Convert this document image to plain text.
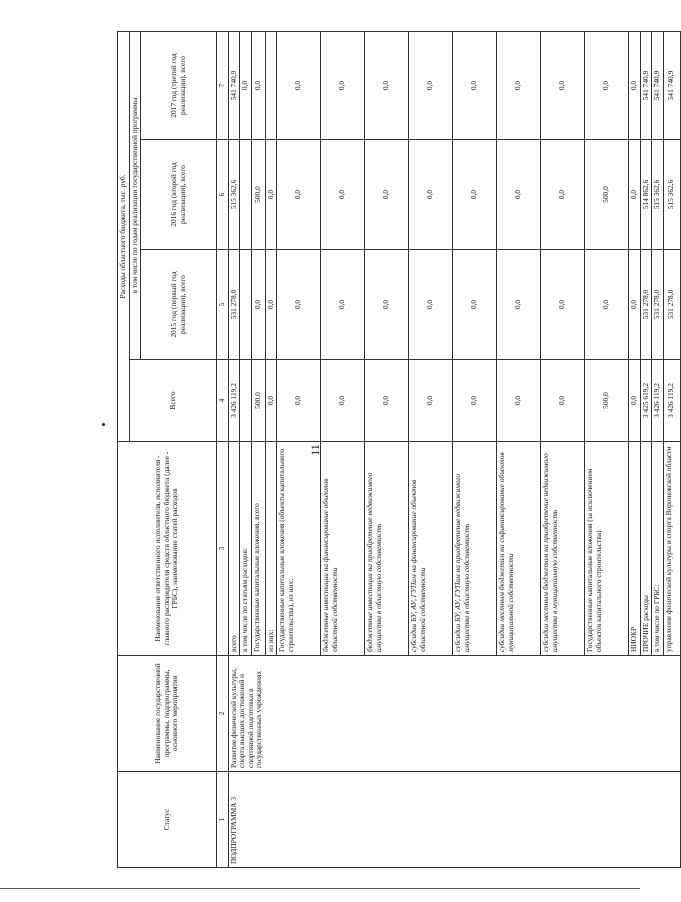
11
Статус	Наименование государственной программы, подпрограммы, основного мероприятия	Наименование ответственного исполнителя, исполнителя - главного распорядителя средств областного бюджета (далее - ГРБС), наименование статей расходов	Расходы областного бюджета, тыс. руб.			
			Всего	в том числе по годам реализации государственной программы		
				2015 год (первый год реализации), всего	2016 год (второй год реализации), всего	2017 год (третий год реализации), всего
1	2	3	4	5	6	7
ПОДПРОГРАММА 3	Развитие физической культуры, спорта высших достижений и спортивной подготовки в государственных учреждениях	всего	3 426 119,2	531 278,0	515 362,6	541 740,9
		в том числе по статьям расходов:				0,0
		Государственные капитальные вложения, всего	500,0	0,0	500,0	0,0
		из них:	0,0	0,0	0,0	
		Государственные капитальные вложения (объекты капитального строительства), из них:	0,0	0,0	0,0	0,0
		бюджетные инвестиции на финансирование объектов областной собственности	0,0	0,0	0,0	0,0
		бюджетные инвестиции на приобретение недвижимого имущества в областную собственность	0,0	0,0	0,0	0,0
		субсидии БУ, АУ, ГУПам на финансирование объектов областной собственности	0,0	0,0	0,0	0,0
		субсидии БУ, АУ, ГУПам на приобретение недвижимого имущества в областную собственность	0,0	0,0	0,0	0,0
		субсидии местным бюджетам на софинансирование объектов муниципальной собственности	0,0	0,0	0,0	0,0
		субсидии местным бюджетам на приобретение недвижимого имущества в муниципальную собственность	0,0	0,0	0,0	0,0
		Государственные капитальные вложения (за исключением объектов капитального строительства)	500,0	0,0	500,0	0,0
		НИОКР	0,0	0,0	0,0	0,0
		ПРОЧИЕ расходы	3 425 619,2	531 278,0	514 862,6	541 740,9
		в том числе по ГРБС:	3 426 119,2	531 278,0	515 362,6	541 740,9
		управление физической культуры и спорта Воронежской области	3 426 119,2	531 278,0	515 362,6	541 740,9
